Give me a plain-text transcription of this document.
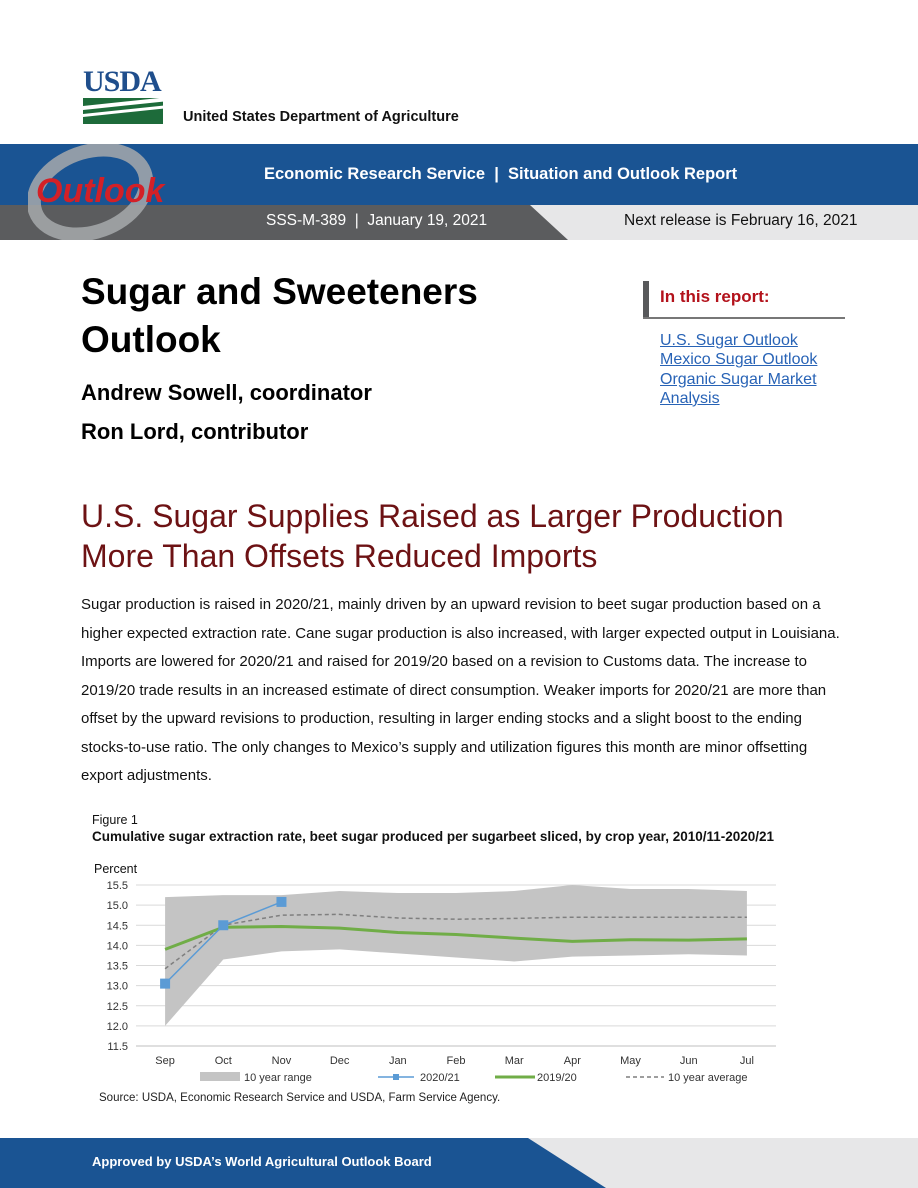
USDA
United States Department of Agriculture
Outlook	Economic Research Service  |  Situation and Outlook Report
SSS-M-389  |  January 19, 2021	Next release is February 16, 2021
Sugar and Sweeteners
Outlook
Andrew Sowell, coordinator
Ron Lord, contributor
In this report:
U.S. Sugar Outlook
Mexico Sugar Outlook
Organic Sugar Market
Analysis
U.S. Sugar Supplies Raised as Larger Production
More Than Offsets Reduced Imports

Sugar production is raised in 2020/21, mainly driven by an upward revision to beet sugar production based on a higher expected extraction rate. Cane sugar production is also increased, with larger expected output in Louisiana. Imports are lowered for 2020/21 and raised for 2019/20 based on a revision to Customs data. The increase to 2019/20 trade results in an increased estimate of direct consumption. Weaker imports for 2020/21 are more than offset by the upward revisions to production, resulting in larger ending stocks and a slight boost to the ending stocks-to-use ratio. The only changes to Mexico’s supply and utilization figures this month are minor offsetting export adjustments.

Figure 1
Cumulative sugar extraction rate, beet sugar produced per sugarbeet sliced, by crop year, 2010/11-2020/21
Percent
15.5
15.0
14.5
14.0
13.5
13.0
12.5
12.0
11.5
Sep	Oct	Nov	Dec	Jan	Feb	Mar	Apr	May	Jun	Jul
10 year range	2020/21	2019/20	10 year average
Source: USDA, Economic Research Service and USDA, Farm Service Agency.
Approved by USDA’s World Agricultural Outlook Board
